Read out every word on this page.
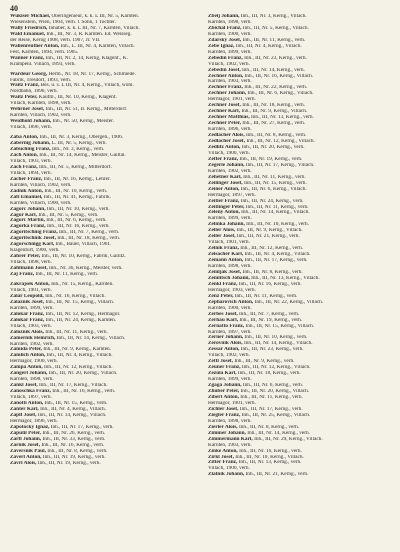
40

Wukiser Michael, Oberingenieur, k. k. L III, Nr. 5, Kärnten.

Wiesenstein, Wien, 1904, verh. 1 Sohn, 1 Tochter.

Wally Friedrich, Inhaber, k. k. L III, Nr. 7, Kärnten, Villach.

Wald Emanuel, Inh., III, Nr. 3, R. Kärnten. Ed. Weisseg.

der Reise, Kerng 1908, verh. 1907, Jr. VII.

Wallenreuther Anton, Inh., L. III, Nr. 4, Kärnten, Villach.

Fest, Kärnten, 1894, verh. 1905.

Wanner Franz, Inh., III, Nr. 2, 14, Kerng, Klagenf., K.

Krampenl. Villach, 1893, verh.

Wardeur Georg, Herm., Nr. 18, Nr. 17, Kerng., Schmiede.

Fabrik, Tresdorf, 1893, verh.

Waitz Franz, Bes. u. s. L III, Nr. 4, Kerng., Villach, wohl.

Nordbahn, 1896, verh.

Waitz Peter, Kaufm., III, Nr. 10, Kerng., Klagenf.

Villach, Kärnten, 1898, verh.

Wehrner Josef, Inh., III, Nr. 51, II. Kerng., Mitterdorf.

Kärnten, Villach, 1902, verh.

Weidhold Johann, Inh., Nr. 50, Kerng., Meister.

Villach, 1896, verh.

Zaba Anton, Inh., III, Nr. 3, Kerng., Obergeh., 1906.

Zabernig Johann, L. III, Nr. 5, Kerng., verh.

Zabuchnig Franz, Inh., Nr. 3, Kerng., verh.

Zach Anton, Inh., III, Nr. 14, Kerng., Meister, Gailtal.

Villach, 1903, verh.

Zach Franz, Inh., III, Nr. 5, Kerng., Mitterdorf.

Villach, 1894, verh.

Zacher Franz, Inh., III, Nr. 16, Kerng., Lehrer.

Kärnten, Villach, 1902, verh.

Zadnik Anton, Inh., III, Nr. 10, Kerng., verh.

Zafl Emanuel, Inh., III, Nr. 41, Kerng., Fabrik.

Kärnten, Villach, 1900, verh.

Zagorc Johann, Inh., III, Nr. 10, Kerng., verh.

Zagor Karl, Inh., III, Nr. 5, Kerng., verh.

Zagorc Martin, Inh., III, Nr. 6, Kerng., verh.

Zagorka Franz, Inh., III, Nr. 16, Kerng., verh.

Zagoritschnig Franz, Inh., III, Nr. 7, Kerng., verh.

Zagoritschnik Josef, Inh., III, Nr. 18, Kerng., verh.

Zagorschnigg Karl, Inh., Bauer, Villach, 1901.

Klagenfurt, 1900, verh.

Zahrer Peter, Inh., III, Nr. 10, Kerng., Fabrik, Gailitz.

Villach, 1898, verh.

Zahlmann Josef, Inh., Nr. 36, Kerng., Meister, verh.

Zaj Franz, Inh., III, Nr. 11, Kerng., verh.

Zakrajsek Anton, Inh., Nr. 15, Kerng., Kärnten.

Villach, 1901, verh.

Zalar Leopold, Inh., Nr. 16, Kerng., Villach.

Zalaznik Josef, Inh., III, Nr. 15, Kerng., Villach.

Kärnten, 1899, verh.

Zalokar Franz, Inh., III, Nr. 12, Kerng., Hermagor.

Zalokar Franz, Inh., III, Nr. 24, Kerng., Kärnten.

Villach, 1903, verh.

Zaloznik Alois, Inh., III, Nr. 11, Kerng., verh.

Zamernik Heinrich, Inh., III, Nr. 14, Kerng., Villach.

Kärnten, 1902, verh.

Zamida Peter, Inh., III, Nr. 9, Kerng., Kärnten.

Zamlich Anton, Inh., III, Nr. 4, Kerng., Villach.

Hermagor, 1900, verh.

Zampa Anton, Inh., III, Nr. 12, Kerng., Villach.

Zangerl Johann, Inh., III, Nr. 20, Kerng., Villach.

Kärnten, 1898, verh.

Zankl Josef, Inh., III, Nr. 17, Kerng., Villach.

Zanoschka Franz, Inh., III, Nr. 16, Kerng., verh.

Villach, 1897, verh.

Zanotti Anton, Inh., III, Nr. 15, Kerng., verh.

Zanter Karl, Inh., III, Nr. 4, Kerng., Villach.

Zapfl Josef, Inh., III, Nr. 14, Kerng., Villach.

Hermagor, 1896, verh.

Zapotocky Ignaz, Inh., III, Nr. 17, Kerng., verh.

Zaputil Peter, Inh., III, Nr. 26, Kerng., verh.

Zarfl Johann, Inh., III, Nr. 33, Kerng., verh.

Zarnik Josef, Inh., III, Nr. 16, Kerng., verh.

Zaversnik Paul, Inh., III, Nr. 8, Kerng., verh.

Zaverl Anton, Inh., III, Nr. 19, Kerng., verh.

Zavrl Alois, Inh., III, Nr. 19, Kerng., verh.

Zbelj Johann, Inh., III, Nr. 3, Kerng., Villach.

Kärnten, 1898, verh.

Zbichal Franz, Inh., III, Nr. 5, Kerng., Villach.

Kärnten, 1900, verh.

Zdarsky Josef, Inh., III, Nr. 11, Kerng., verh.

Zebe Ignaz, Inh., III, Nr. 4, Kerng., Villach.

Kärnten, 1899, verh.

Zebedin Franz, Inh., III, Nr. 23, Kerng., verh.

Villach, 1902, verh.

Zebedin Josef, Inh., III, Nr. 14, Kerng., verh.

Zechner Anton, Inh., III, Nr. 16, Kerng., Villach.

Kärnten, 1903, verh.

Zechner Franz, Inh., III, Nr. 22, Kerng., verh.

Zechner Johann, Inh., III, Nr. 6, Kerng., Villach.

Hermagor, 1901, verh.

Zechner Josef, Inh., III, Nr. 18, Kerng., verh.

Zechner Karl, Inh., III, Nr. 9, Kerng., Villach.

Zechner Matthias, Inh., III, Nr. 13, Kerng., verh.

Zechner Peter, Inh., III, Nr. 27, Kerng., verh.

Kärnten, 1896, verh.

Zedlacher Alois, Inh., III, Nr. 8, Kerng., verh.

Zedlacher Josef, Inh., III, Nr. 12, Kerng., Villach.

Zedlitz Anton, Inh., III, Nr. 20, Kerng., verh.

Villach, 1900, verh.

Zeffer Franz, Inh., III, Nr. 19, Kerng., verh.

Zegerle Johann, Inh., III, Nr. 17, Kerng., Villach.

Kärnten, 1902, verh.

Zehetner Karl, Inh., III, Nr. 11, Kerng., verh.

Zeilinger Josef, Inh., III, Nr. 15, Kerng., verh.

Zeiner Anton, Inh., III, Nr. 6, Kerng., Villach.

Hermagor, 1897, verh.

Zeitler Franz, Inh., III, Nr. 24, Kerng., verh.

Zeitlinger Peter, Inh., III, Nr. 11, Kerng., verh.

Zeleny Anton, Inh., III, Nr. 14, Kerng., Villach.

Kärnten, 1899, verh.

Zelinka Johann, Inh., III, Nr. 10, Kerng., verh.

Zeller Alois, Inh., III, Nr. 9, Kerng., Villach.

Zeller Josef, Inh., III, Nr. 21, Kerng., verh.

Villach, 1901, verh.

Zelnik Franz, Inh., III, Nr. 12, Kerng., verh.

Zelsacher Karl, Inh., III, Nr. 4, Kerng., Villach.

Zemann Anton, Inh., III, Nr. 17, Kerng., verh.

Kärnten, 1898, verh.

Zemljak Josef, Inh., III, Nr. 8, Kerng., verh.

Zemlitsch Johann, Inh., III, Nr. 13, Kerng., Villach.

Zenkl Franz, Inh., III, Nr. 16, Kerng., verh.

Hermagor, 1903, verh.

Zenz Peter, Inh., III, Nr. 11, Kerng., verh.

Zepharovich Anton, Inh., III, Nr. 22, Kerng., Villach.

Kärnten, 1900, verh.

Zerbes Josef, Inh., III, Nr. 7, Kerng., verh.

Zerhau Karl, Inh., III, Nr. 19, Kerng., verh.

Zernatto Franz, Inh., III, Nr. 15, Kerng., Villach.

Kärnten, 1897, verh.

Zerner Johann, Inh., III, Nr. 10, Kerng., verh.

Zerovnik Alois, Inh., III, Nr. 14, Kerng., Villach.

Zessar Anton, Inh., III, Nr. 23, Kerng., verh.

Villach, 1902, verh.

Zettl Josef, Inh., III, Nr. 9, Kerng., verh.

Zeuner Franz, Inh., III, Nr. 12, Kerng., Villach.

Zezula Karl, Inh., III, Nr. 18, Kerng., verh.

Kärnten, 1899, verh.

Zgaga Johann, Inh., III, Nr. 6, Kerng., verh.

Zhuber Peter, Inh., III, Nr. 20, Kerng., Villach.

Zibert Anton, Inh., III, Nr. 11, Kerng., verh.

Hermagor, 1901, verh.

Zichler Josef, Inh., III, Nr. 17, Kerng., verh.

Ziegler Franz, Inh., III, Nr. 25, Kerng., Villach.

Kärnten, 1898, verh.

Zierler Alois, Inh., III, Nr. 8, Kerng., verh.

Zimmer Johann, Inh., III, Nr. 14, Kerng., verh.

Zimmermann Karl, Inh., III, Nr. 29, Kerng., Villach.

Kärnten, 1903, verh.

Zinke Anton, Inh., III, Nr. 16, Kerng., verh.

Zirkl Josef, Inh., III, Nr. 10, Kerng., Villach.

Zitter Franz, Inh., III, Nr. 13, Kerng., verh.

Villach, 1900, verh.

Zlatnik Johann, Inh., III, Nr. 21, Kerng., verh.
